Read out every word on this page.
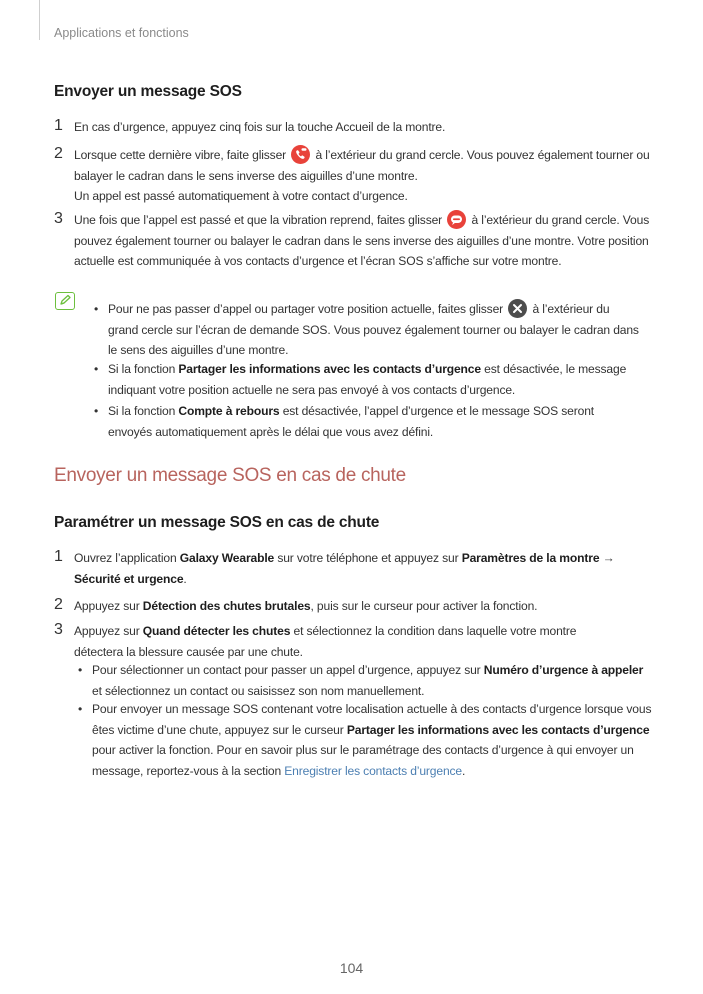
Applications et fonctions
Envoyer un message SOS
1 En cas d’urgence, appuyez cinq fois sur la touche Accueil de la montre.
2 Lorsque cette dernière vibre, faite glisser à l’extérieur du grand cercle. Vous pouvez également tourner ou balayer le cadran dans le sens inverse des aiguilles d’une montre.
Un appel est passé automatiquement à votre contact d’urgence.
3 Une fois que l’appel est passé et que la vibration reprend, faites glisser à l’extérieur du grand cercle. Vous pouvez également tourner ou balayer le cadran dans le sens inverse des aiguilles d’une montre. Votre position actuelle est communiquée à vos contacts d’urgence et l’écran SOS s’affiche sur votre montre.
• Pour ne pas passer d’appel ou partager votre position actuelle, faites glisser à l’extérieur du grand cercle sur l’écran de demande SOS. Vous pouvez également tourner ou balayer le cadran dans le sens des aiguilles d’une montre.
• Si la fonction Partager les informations avec les contacts d’urgence est désactivée, le message indiquant votre position actuelle ne sera pas envoyé à vos contacts d’urgence.
• Si la fonction Compte à rebours est désactivée, l’appel d’urgence et le message SOS seront envoyés automatiquement après le délai que vous avez défini.
Envoyer un message SOS en cas de chute
Paramétrer un message SOS en cas de chute
1 Ouvrez l’application Galaxy Wearable sur votre téléphone et appuyez sur Paramètres de la montre → Sécurité et urgence.
2 Appuyez sur Détection des chutes brutales, puis sur le curseur pour activer la fonction.
3 Appuyez sur Quand détecter les chutes et sélectionnez la condition dans laquelle votre montre détectera la blessure causée par une chute.
• Pour sélectionner un contact pour passer un appel d’urgence, appuyez sur Numéro d’urgence à appeler et sélectionnez un contact ou saisissez son nom manuellement.
• Pour envoyer un message SOS contenant votre localisation actuelle à des contacts d’urgence lorsque vous êtes victime d’une chute, appuyez sur le curseur Partager les informations avec les contacts d’urgence pour activer la fonction. Pour en savoir plus sur le paramétrage des contacts d’urgence à qui envoyer un message, reportez-vous à la section Enregistrer les contacts d’urgence.
104
